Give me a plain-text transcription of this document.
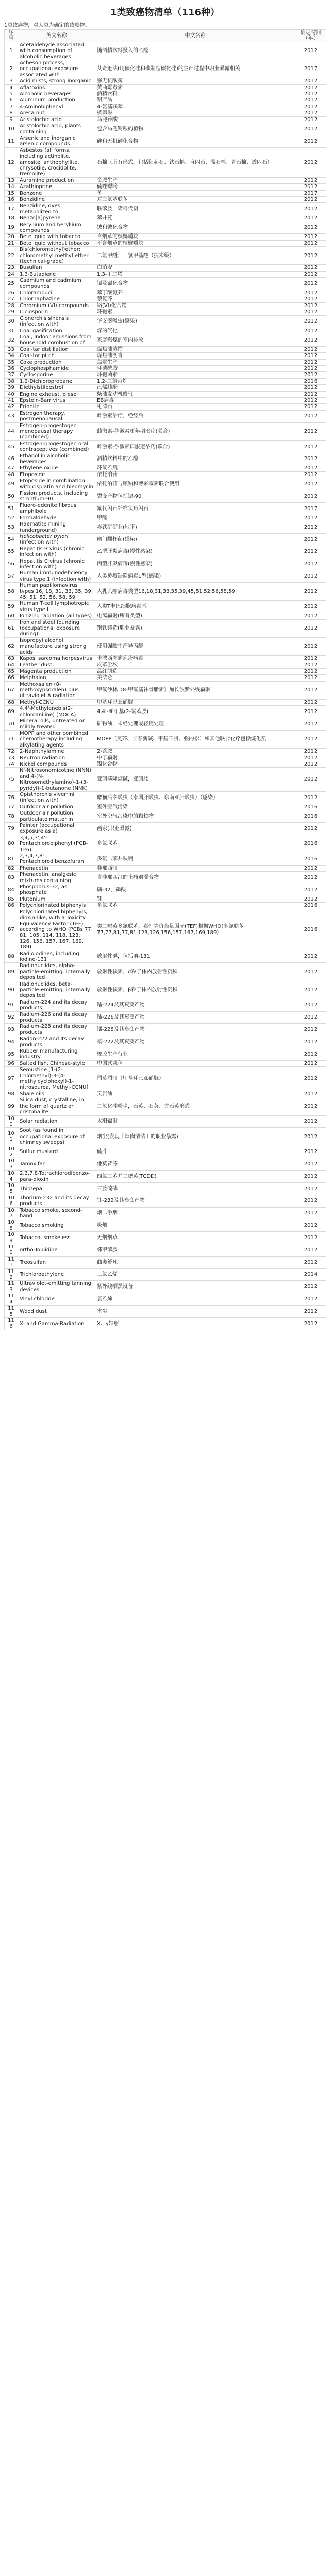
1类致癌物清单（116种）
1类致癌物，对人类为确定的致癌物。
序号	英文名称	中文名称	确定时间（年）
1	Acetaldehyde associated with consumption of alcoholic beverages	随酒精饮料摄入的乙醛	2012
2	Acheson process, occupational exposure associated with	艾奇逊法(用碳化硅和碳制造碳化硅)的生产过程中职业暴露相关	2017
3	Acid mists, strong inorganic	强无机酸雾	2012
4	Aflatoxins	黄曲霉毒素	2012
5	Alcoholic beverages	酒精饮料	2012
6	Aluminum production	铝产品	2012
7	4-Aminobiphenyl	4-氨基联苯	2012
8	Areca nut	槟榔果	2012
9	Aristolochic acid	马兜铃酸	2012
10	Aristolochic acid, plants containing	包含马兜铃酸的植物	2012
11	Arsenic and inorganic arsenic compounds	砷和无机砷化合物	2012
12	Asbestos (all forms, including actinolite, amosite, anthophyllite, chrysotile, crocidolite, tremolite)	石棉（所有形式，包括阳起石、铁石棉、直闪石、温石棉、青石棉、透闪石）	2012
13	Auramine production	金胺生产	2012
14	Azathioprine	硫唑嘌呤	2012
15	Benzene	苯	2017
16	Benzidine	对二氨基联苯	2012
17	Benzidine, dyes metabolized to	联苯胺，染料代谢	2012
18	Benzo[a]pyrene	苯并芘	2012
19	Beryllium and beryllium compounds	铍和铍化合物	2012
20	Betel quid with tobacco	含烟草的槟榔嚼块	2012
21	Betel quid without tobacco	不含烟草的槟榔嚼块	2012
22	Bis(chloromethyl)ether; chloromethyl methyl ether (technical-grade)	二氯甲醚；一氯甲基醚（技术级）	2012
23	Busulfan	白消安	2012
24	1,3-Butadiene	1,3-丁二烯	2012
25	Cadmium and cadmium compounds	镉及镉化合物	2012
26	Chlorambucil	苯丁酸氮芥	2012
27	Chlornaphazine	萘氮芥	2012
28	Chromium (VI) compounds	铬(VI)化合物	2012
29	Ciclosporin	环孢素	2012
30	Clonorchis sinensis (infection with)	华支睾吸虫(感染)	2012
31	Coal gasification	煤的气化	2012
32	Coal, indoor emissions from household combustion of	家庭燃煤的室内排放	2012
33	Coal-tar distillation	煤焦油蒸馏	2012
34	Coal-tar pitch	煤焦油沥青	2012
35	Coke production	焦炭生产	2012
36	Cyclophosphamide	环磷酰胺	2012
37	Cyclosporine	环孢菌素	2012
38	1,2-Dichloropropane	1,2-二氯丙烷	2016
39	Diethylstilbestrol	己烯雌酚	2012
40	Engine exhaust, diesel	柴油发动机废气	2012
41	Epstein-Barr virus	EB病毒	2012
42	Erionite	毛沸石	2012
43	Estrogen therapy, postmenopausal	雌激素治疗，绝经后	2012
44	Estrogen-progestogen menopausal therapy (combined)	雌激素-孕激素更年期治疗(联合)	2012
45	Estrogen-progestogen oral contraceptives (combined)	雌激素-孕激素口服避孕药(联合)	2012
46	Ethanol in alcoholic beverages	酒精饮料中的乙醇	2012
47	Ethylene oxide	环氧乙烷	2012
48	Etoposide	依托泊苷	2012
49	Etoposide in combination with cisplatin and bleomycin	依托泊苷与顺铂和博来霉素联合使用	2012
50	Fission products, including strontium-90	裂变产物包括锶-90	2012
51	Fluoro-edenite fibrous amphibole	氟代闪石纤维状角闪石	2017
52	Formaldehyde	甲醛	2012
53	Haematite mining (underground)	赤铁矿矿业(地下)	2012
54	Helicobacter pylori (infection with)	幽门螺杆菌(感染)	2012
55	Hepatitis B virus (chronic infection with)	乙型肝炎病毒(慢性感染)	2012
56	Hepatitis C virus (chronic infection with)	丙型肝炎病毒(慢性感染)	2012
57	Human immunodeficiency virus type 1 (infection with)	人类免疫缺陷病毒1型(感染)	2012
58	Human papillomavirus types 16, 18, 31, 33, 35, 39, 45, 51, 52, 56, 58, 59	人乳头瘤病毒类型16,18,31,33,35,39,45,51,52,56,58,59	2012
59	Human T-cell lymphotropic virus type I	人类T淋巴细胞病毒I型	2012
60	Ionizing radiation (all types)	电离辐射(所有类型)	2012
61	Iron and steel founding (occupational exposure during)	钢铁铸造(职业暴露)	2012
62	Isopropyl alcohol manufacture using strong acids	使用强酸生产异丙醇	2012
63	Kaposi sarcoma herpesvirus	卡波西肉瘤疱疹病毒	2012
64	Leather dust	皮革尘埃	2012
65	Magenta production	品红制造	2012
66	Melphalan	美法仑	2012
67	Methoxsalen (8-methoxypsoralen) plus ultraviolet A radiation	甲氧沙林（8-甲氧基补骨脂素）加长波紫外线辐射	2012
68	Methyl-CCNU	甲基环己亚硝脲	2012
69	4,4'-Methylenebis(2-chloroaniline) (MOCA)	4,4'-亚甲基(2-氯苯胺)	2012
70	Mineral oils, untreated or mildly treated	矿物油，未经处理或轻度处理	2012
71	MOPP and other combined chemotherapy including alkylating agents	MOPP（氮芥、长春新碱、甲基苄肼、强的松）和其他联合化疗包括烷化剂	2012
72	2-Naphthylamine	2-萘胺	2012
73	Neutron radiation	中子辐射	2012
74	Nickel compounds	镍化合物	2012
75	N'-Nitrosonornicotine (NNN) and 4-(N-Nitrosomethylamino)-1-(3-pyridyl)-1-butanone (NNK)	亚硝基降烟碱，亚硝胺	2012
76	Opisthorchis viverrini (infection with)	麝猫后睾吸虫（泰国肝吸虫、东南亚肝吸虫）（感染）	2012
77	Outdoor air pollution	室外空气污染	2016
78	Outdoor air pollution, particulate matter in	室外空气污染中的颗粒物	2016
79	Painter (occupational exposure as a)	画家(职业暴露)	2012
80	3,4,5,3',4'-Pentachlorobiphenyl (PCB-126)	多氯联苯	2016
81	2,3,4,7,8-Pentachlorodibenzofuran	多氯二苯并呋喃	2016
82	Phenacetin	非那西汀	2012
83	Phenacetin, analgesic mixtures containing	含非那西汀的止痛剂混合物	2012
84	Phosphorus-32, as phosphate	磷-32，磷酸	2012
85	Plutonium	钚	2012
86	Polychlorinated biphenyls	多氯联苯	2016
87	Polychlorinated biphenyls, dioxin-like, with a Toxicity Equivalency Factor (TEF) according to WHO (PCBs 77, 81, 105, 114, 118, 123, 126, 156, 157, 167, 169, 189)	类二噁英多氯联苯，毒性等价当量因子(TEF)根据WHO(多氯联苯77,77,81,77,81,123,126,156,157,167,169,189)	2016
88	Radioiodines, including iodine-131	放射性碘，包括碘-131	2012
89	Radionuclides, alpha-particle-emitting, internally deposited	放射性核素，α粒子体内放射性沉积	2012
90	Radionuclides, beta-particle-emitting, internally deposited	放射性核素，β粒子体内放射性沉积	2012
91	Radium-224 and its decay products	镭-224及其衰变产物	2012
92	Radium-226 and its decay products	镭-226及其衰变产物	2012
93	Radium-228 and its decay products	镭-228及其衰变产物	2012
94	Radon-222 and its decay products	氡-222及其衰变产物	2012
95	Rubber manufacturing industry	橡胶生产行业	2012
96	Salted fish, Chinese-style	中国式咸鱼	2012
97	Semustine [1-(2-Chloroethyl)-3-(4-methylcyclohexyl)-1-nitrosourea, Methyl-CCNU]	司莫司汀（甲基环己亚硝脲）	2012
98	Shale oils	页岩油	2012
99	Silica dust, crystalline, in the form of quartz or cristobalite	二氧化硅粉尘，石英、石英、方石英形式	2012
100	Solar radiation	太阳辐射	2012
101	Soot (as found in occupational exposure of chimney sweeps)	烟尘(发现于烟囱清洁工的职业暴露)	2012
102	Sulfur mustard	硫芥	2012
103	Tamoxifen	他莫昔芬	2012
104	2,3,7,8-Tetrachlorodibenzo-para-dioxin	四氯二苯并二噁英(TCDD)	2012
105	Thiotepa	三胺硫磷	2012
106	Thorium-232 and its decay products	钍-232及其衰变产物	2012
107	Tobacco smoke, second-hand	烟二手烟	2012
108	Tobacco smoking	吸烟	2012
109	Tobacco, smokeless	无烟烟草	2012
110	ortho-Toluidine	邻甲苯胺	2012
111	Treosulfan	曲奥舒凡	2012
112	Trichloroethylene	三氯乙烯	2014
113	Ultraviolet-emitting tanning devices	紫外线晒黑设备	2012
114	Vinyl chloride	氯乙烯	2012
115	Wood dust	木尘	2012
116	X- and Gamma-Radiation	X、γ辐射	2012
